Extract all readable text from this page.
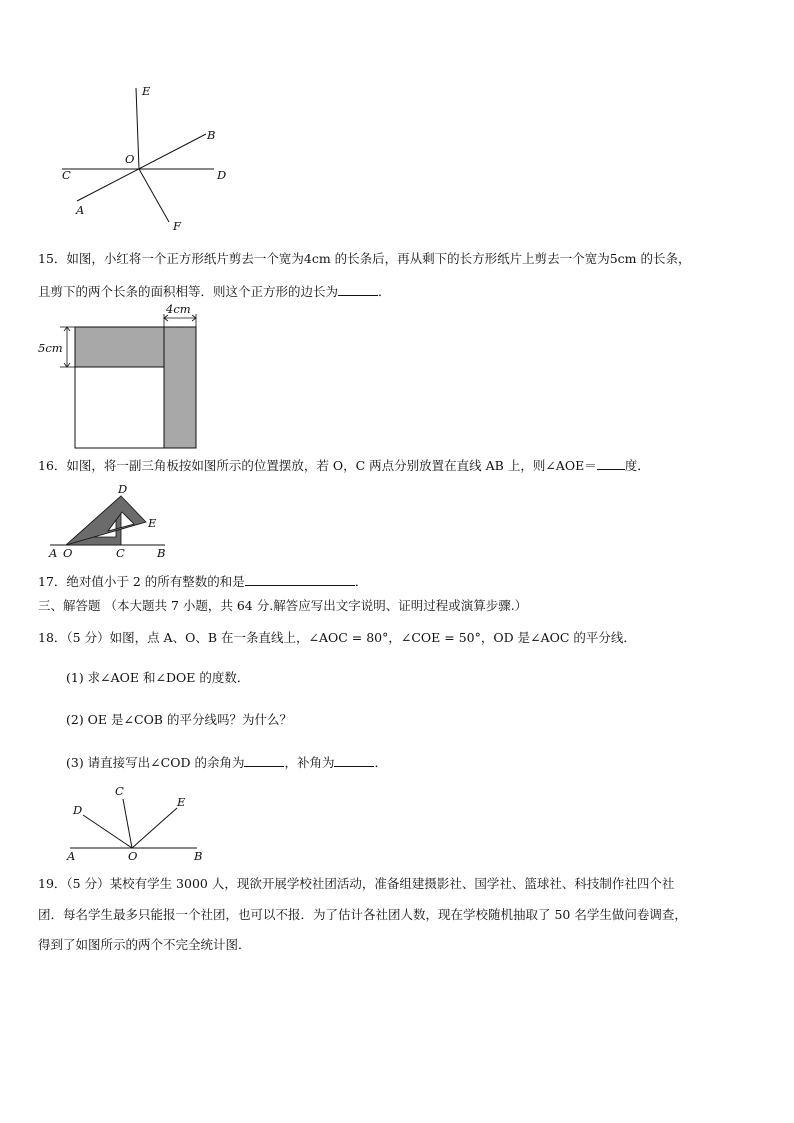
E
B
O
C	D
A
F
15．如图，小红将一个正方形纸片剪去一个宽为4cm 的长条后，再从剩下的长方形纸片上剪去一个宽为5cm 的长条，
且剪下的两个长条的面积相等．则这个正方形的边长为	．
4cm
5cm
16．如图，将一副三角板按如图所示的位置摆放，若 O，C 两点分别放置在直线 AB 上，则∠AOE＝ 度．
D
E
A O	C	B
17．绝对值小于 2 的所有整数的和是	．
三、解答题 （本大题共 7 小题，共 64 分.解答应写出文字说明、证明过程或演算步骤.）
18．（5 分）如图，点 A、O、B 在一条直线上，∠AOC = 80°，∠COE = 50°，OD 是∠AOC 的平分线．
(1) 求∠AOE 和∠DOE 的度数．
(2) OE 是∠COB 的平分线吗？为什么？
(3) 请直接写出∠COD 的余角为	，补角为	．
C
D
E
A	O	B
19．（5 分）某校有学生 3000 人，现欲开展学校社团活动，准备组建摄影社、国学社、篮球社、科技制作社四个社
团．每名学生最多只能报一个社团，也可以不报．为了估计各社团人数，现在学校随机抽取了 50 名学生做问卷调查，
得到了如图所示的两个不完全统计图．
